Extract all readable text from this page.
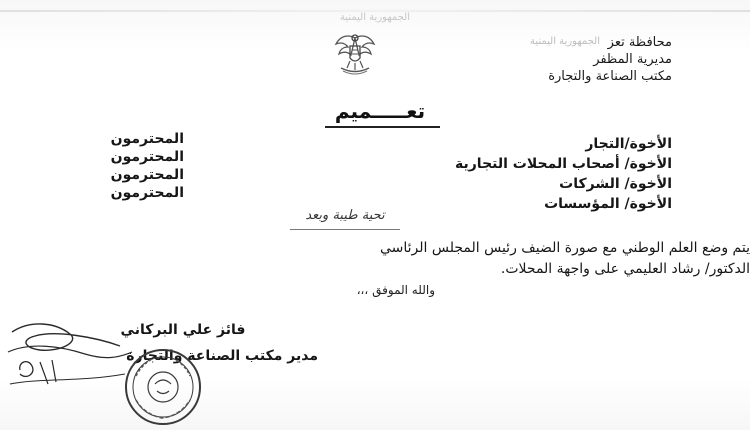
الجمهورية اليمنية
الجمهورية اليمنية محافظة تعز
مديرية المظفر
مكتب الصناعة والتجارة
تعـــــميم
الأخوة/التجار
الأخوة/ أصحاب المحلات التجارية
الأخوة/ الشركات
الأخوة/ المؤسسات
المحترمون
المحترمون
المحترمون
المحترمون
تحية طيبة وبعد
يتم وضع العلم الوطني مع صورة الضيف رئيس المجلس الرئاسي
الدكتور/ رشاد العليمي على واجهة المحلات.
والله الموفق ،،،
فائز علي البركاني
مدير مكتب الصناعة والتجارة
